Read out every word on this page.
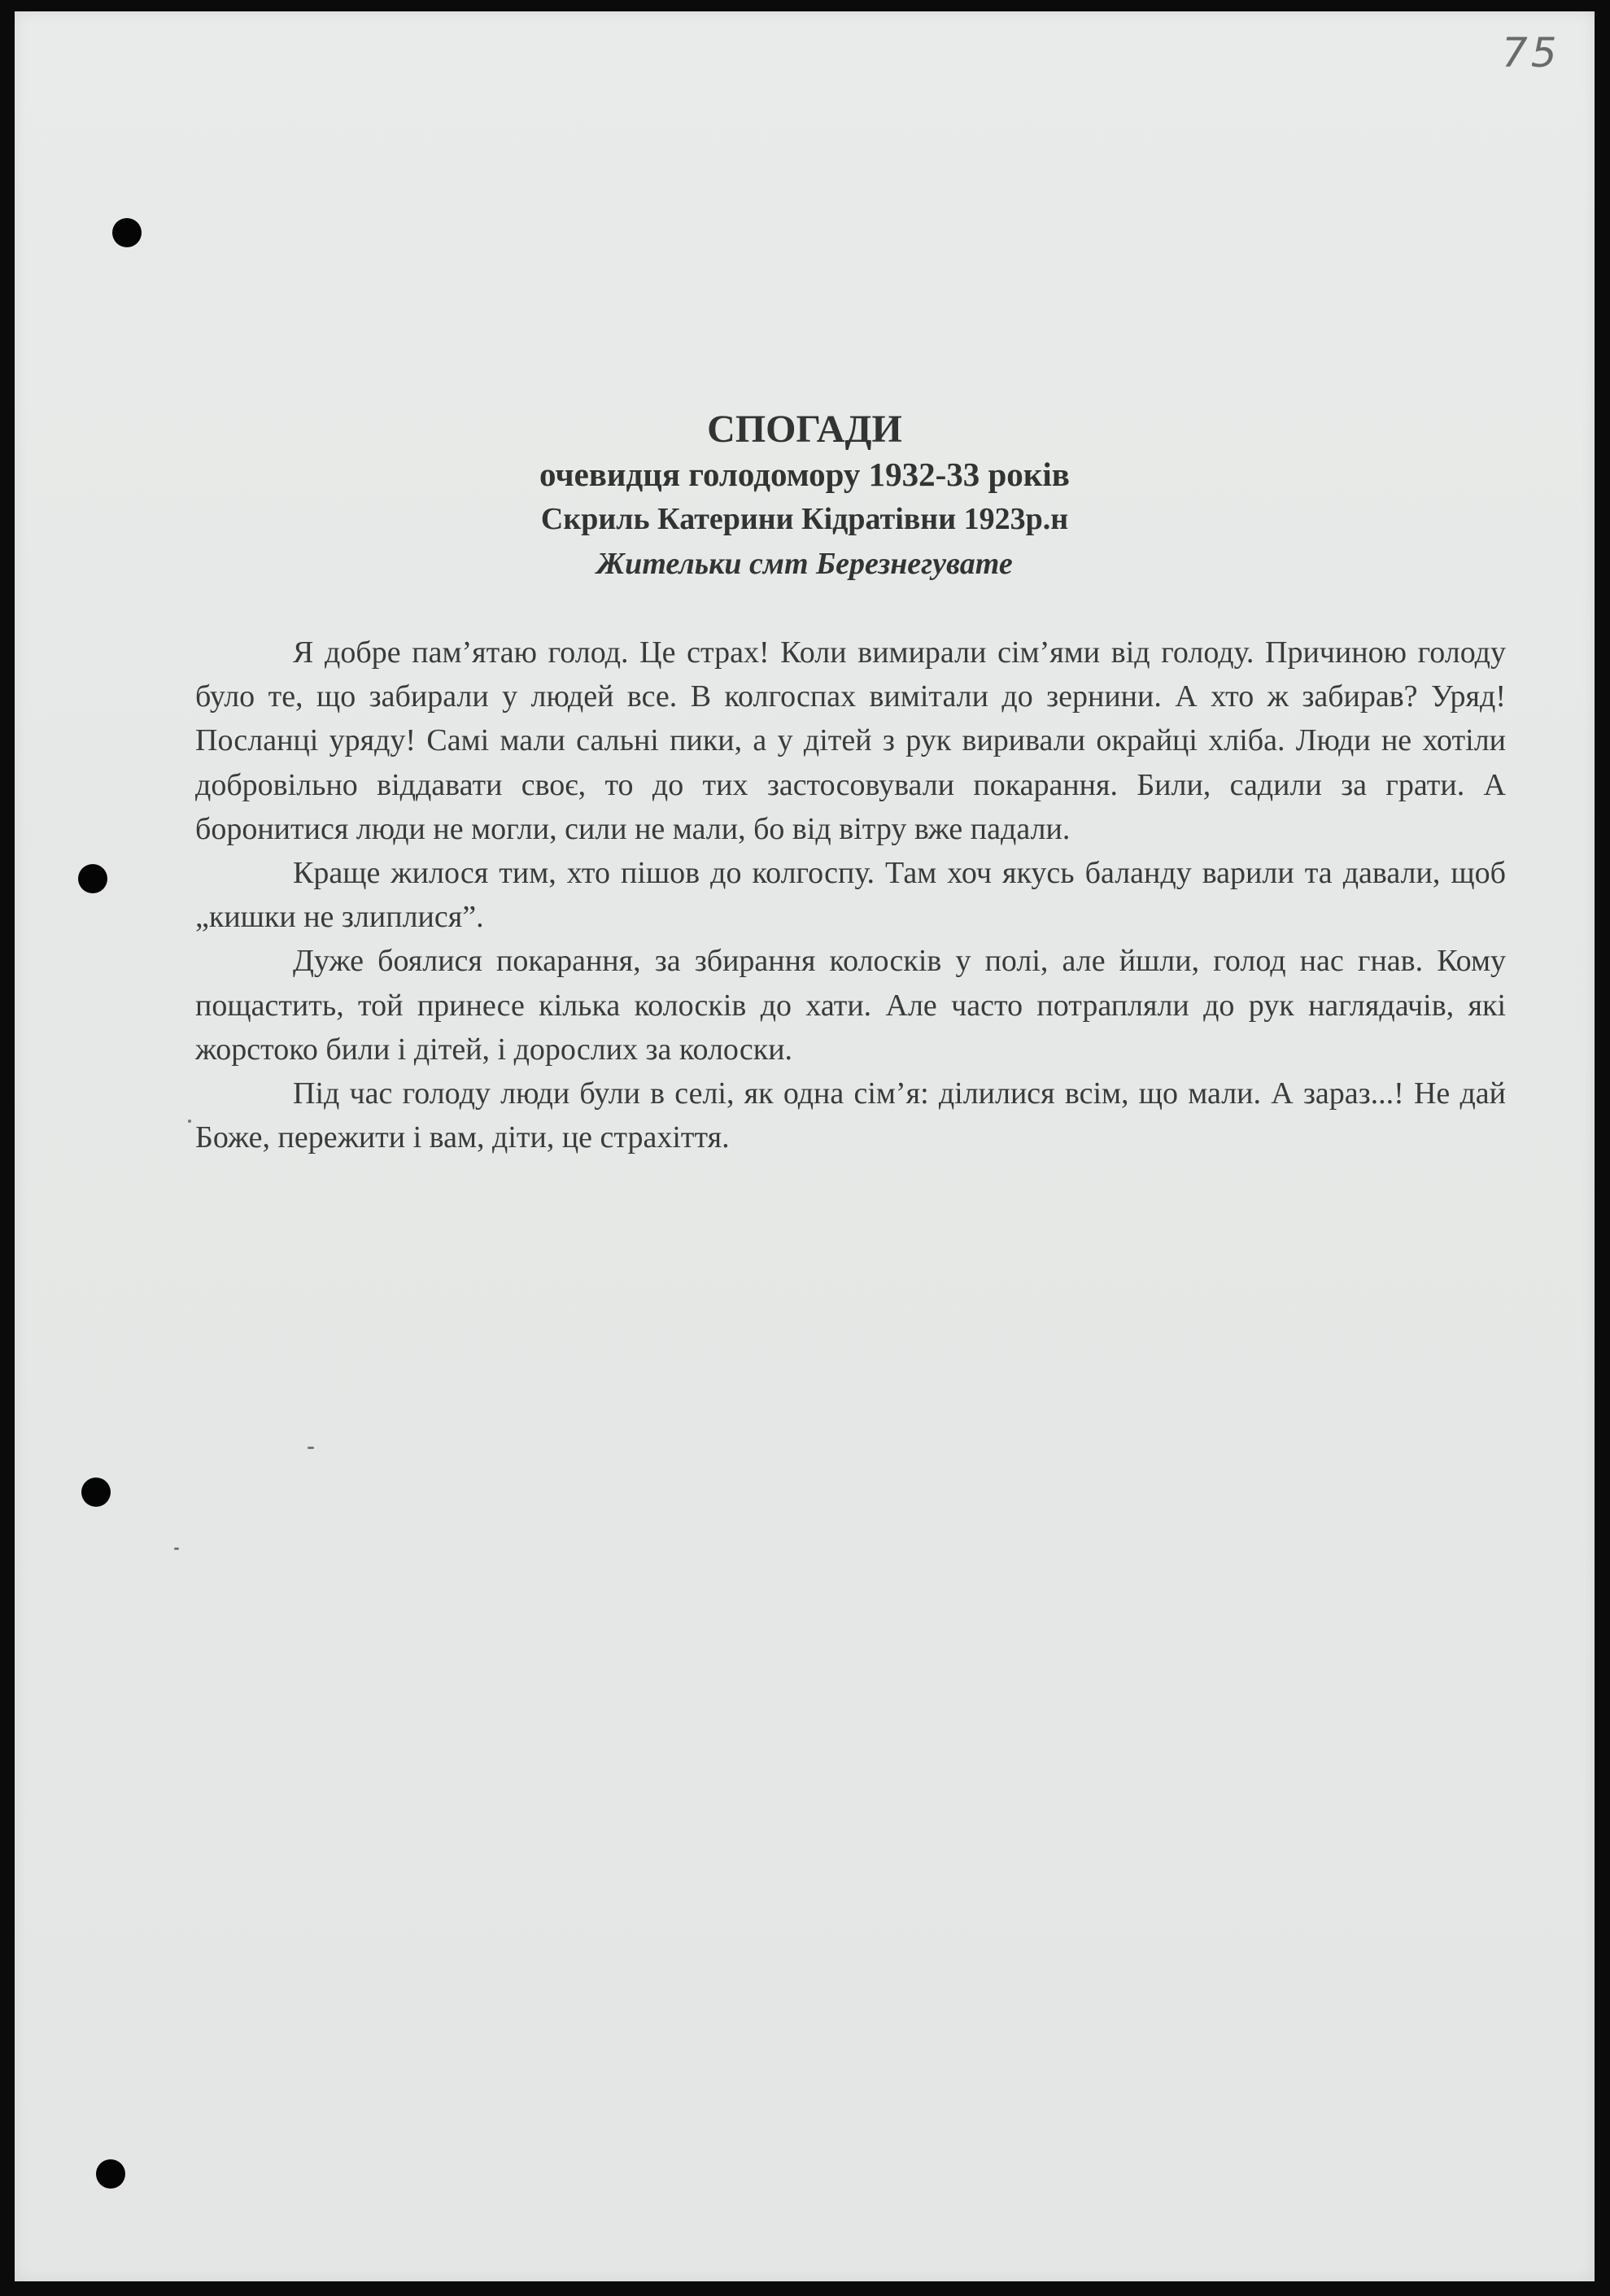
75
СПОГАДИ
очевидця голодомору 1932-33 років
Скриль Катерини Кідратівни 1923р.н
Жительки смт Березнегувате

Я добре пам’ятаю голод. Це страх! Коли вимирали сім’ями від голоду. Причиною голоду було те, що забирали у людей все. В колгоспах вимітали до зернини. А хто ж забирав? Уряд! Посланці уряду! Самі мали сальні пики, а у дітей з рук виривали окрайці хліба. Люди не хотіли добровільно віддавати своє, то до тих застосовували покарання. Били, садили за грати. А боронитися люди не могли, сили не мали, бо від вітру вже падали.

Краще жилося тим, хто пішов до колгоспу. Там хоч якусь баланду варили та давали, щоб „кишки не злиплися”.

Дуже боялися покарання, за збирання колосків у полі, але йшли, голод нас гнав. Кому пощастить, той принесе кілька колосків до хати. Але часто потрапляли до рук наглядачів, які жорстоко били і дітей, і дорослих за колоски.

Під час голоду люди були в селі, як одна сім’я: ділилися всім, що мали. А зараз...! Не дай Боже, пережити і вам, діти, це страхіття.
